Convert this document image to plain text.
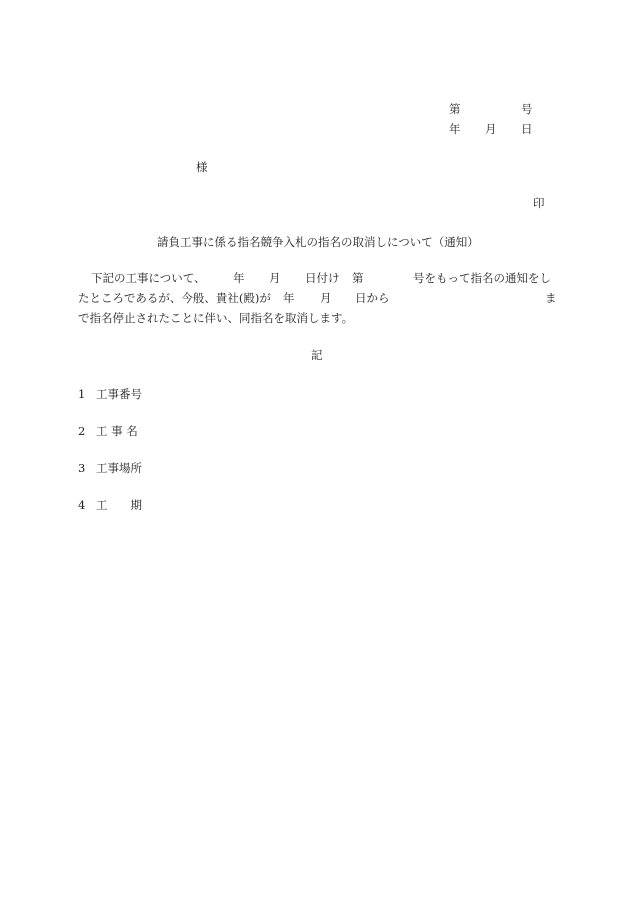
第	号
年 月 日
様
印
請負工事に係る指名競争入札の指名の取消しについて（通知）
下記の工事について、 年 月 日付け 第	号をもって指名の通知をし
たところであるが、今般、貴社(殿)が 年 月 日から	ま
で指名停止されたことに伴い、同指名を取消します。
記
1 工事番号
2 工 事 名
3 工事場所
4 工　　期
